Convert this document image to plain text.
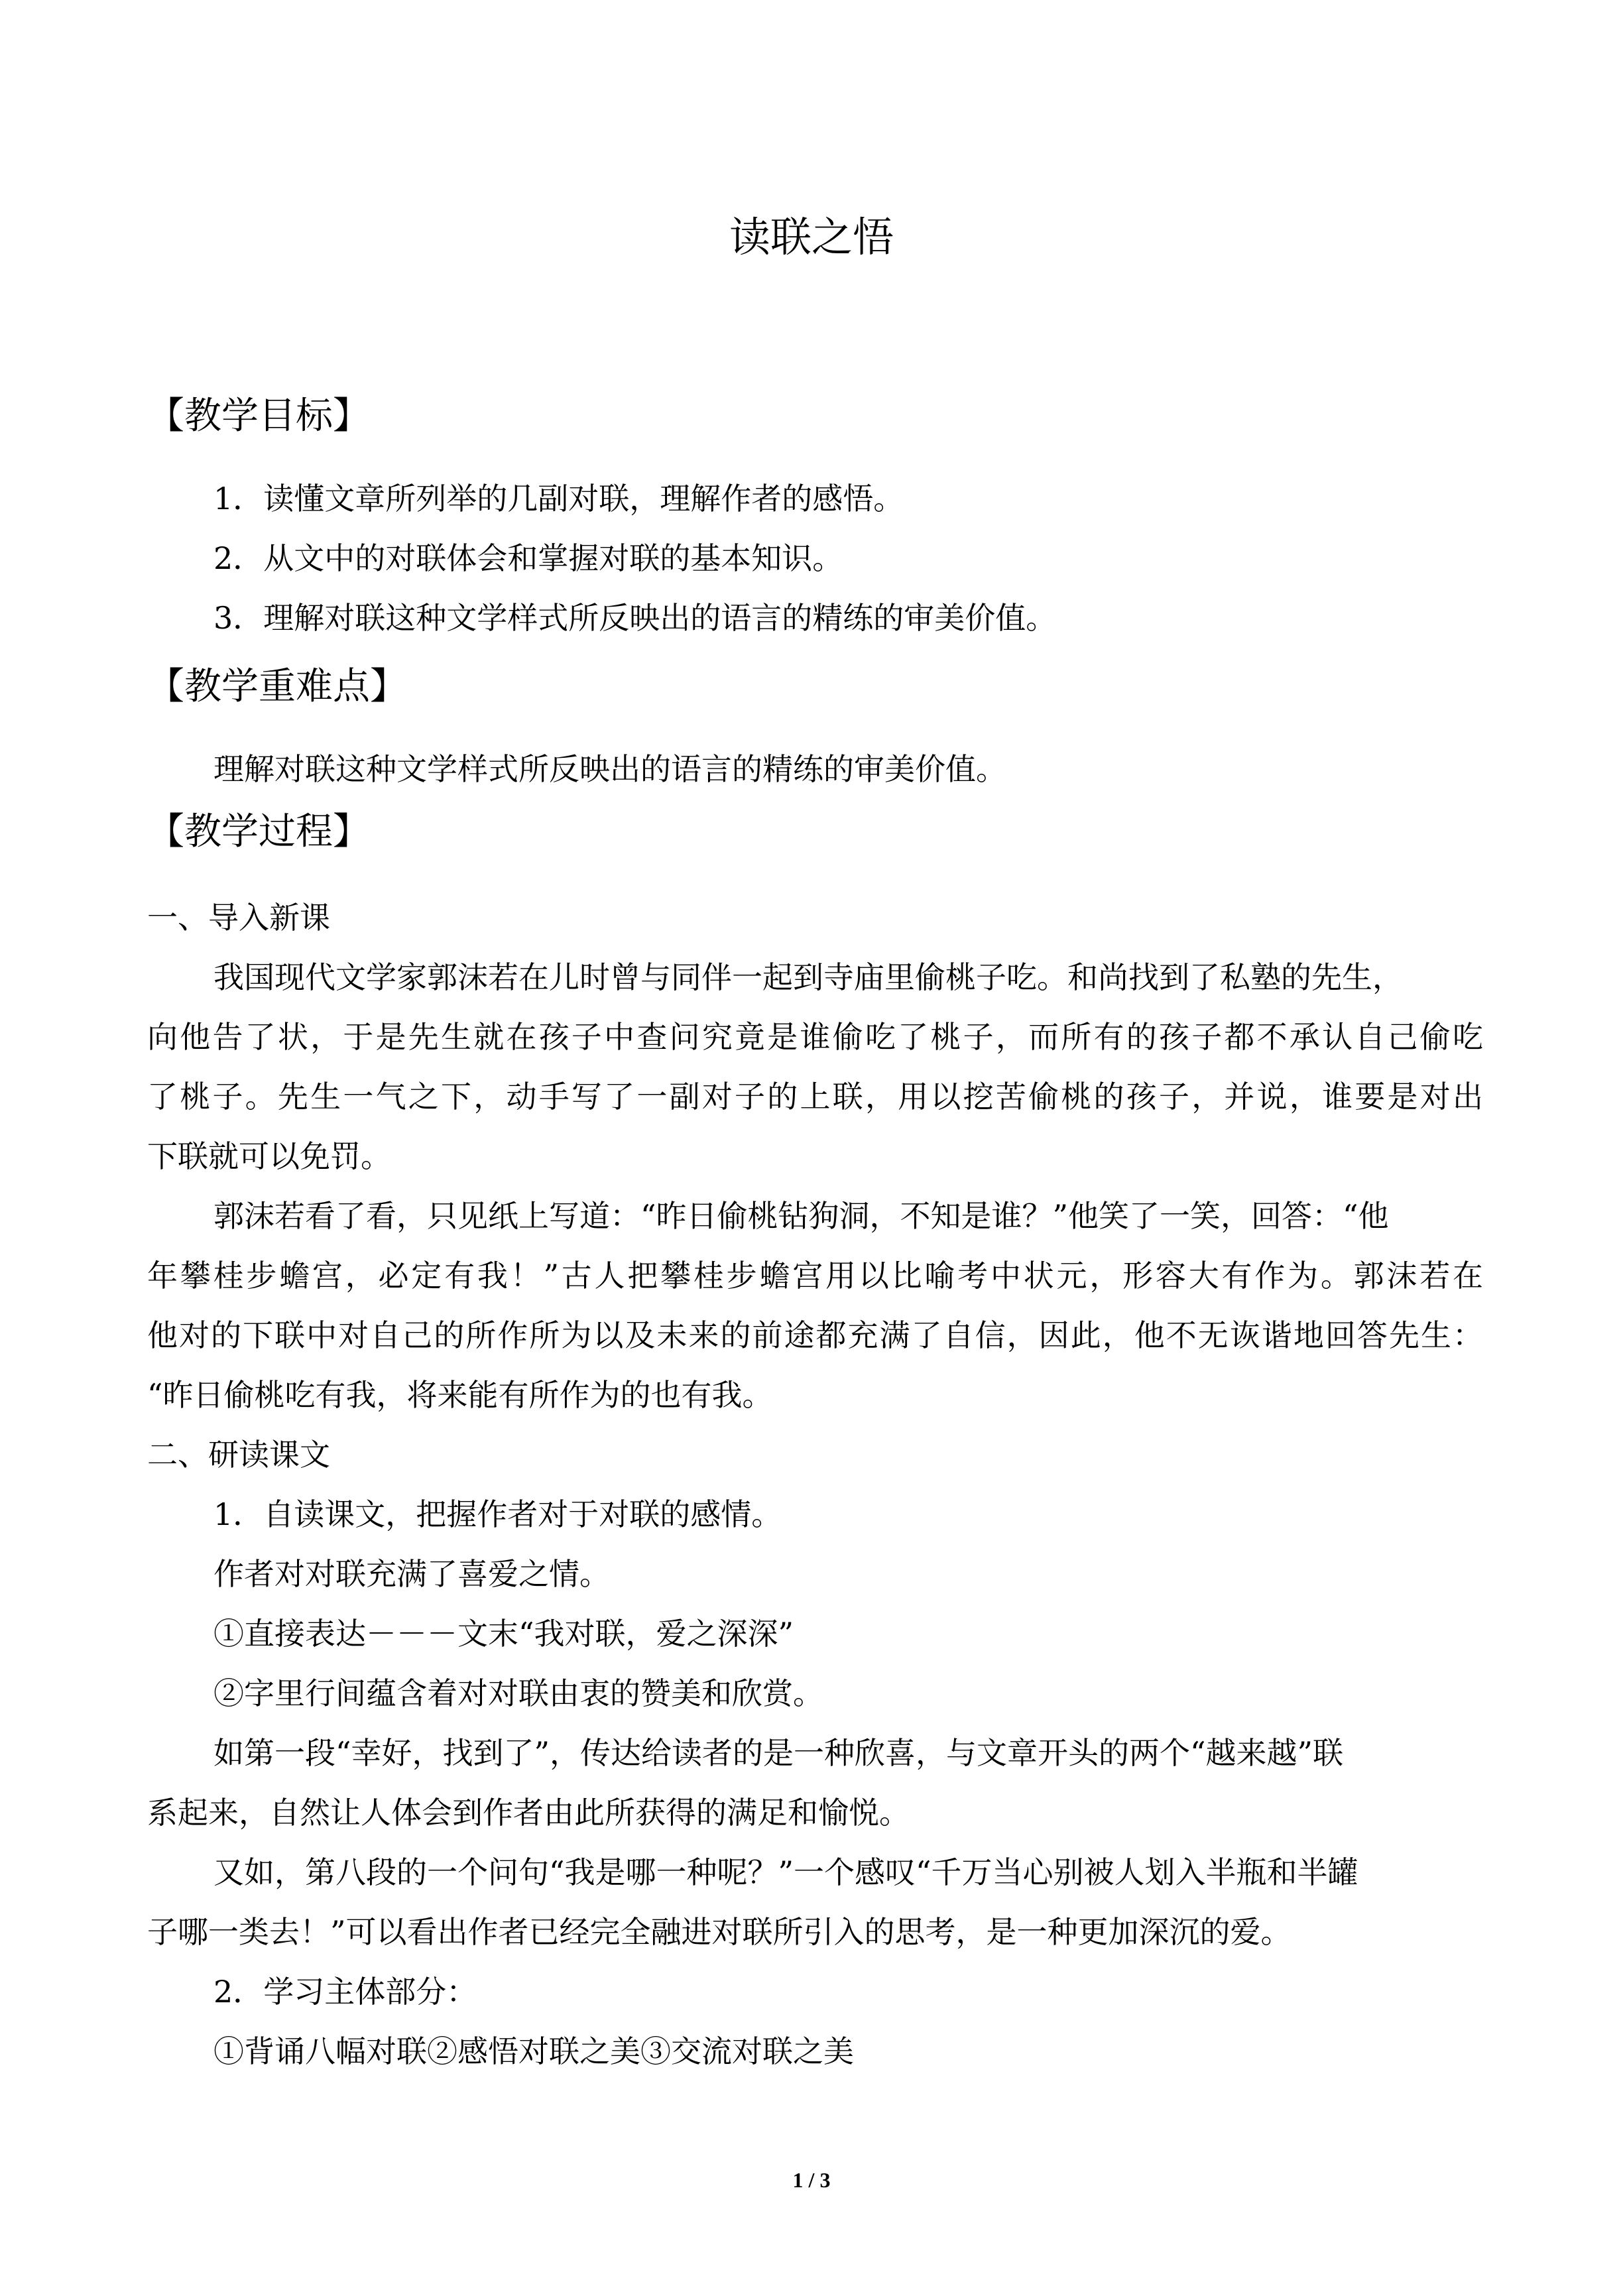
读联之悟
【教学目标】
1．读懂文章所列举的几副对联，理解作者的感悟。
2．从文中的对联体会和掌握对联的基本知识。
3．理解对联这种文学样式所反映出的语言的精练的审美价值。
【教学重难点】
理解对联这种文学样式所反映出的语言的精练的审美价值。
【教学过程】
一、导入新课
我国现代文学家郭沫若在儿时曾与同伴一起到寺庙里偷桃子吃。和尚找到了私塾的先生，
向他告了状，于是先生就在孩子中查问究竟是谁偷吃了桃子，而所有的孩子都不承认自己偷吃
了桃子。先生一气之下，动手写了一副对子的上联，用以挖苦偷桃的孩子，并说，谁要是对出
下联就可以免罚。
郭沫若看了看，只见纸上写道：“昨日偷桃钻狗洞，不知是谁？”他笑了一笑，回答：“他
年攀桂步蟾宫，必定有我！”古人把攀桂步蟾宫用以比喻考中状元，形容大有作为。郭沫若在
他对的下联中对自己的所作所为以及未来的前途都充满了自信，因此，他不无诙谐地回答先生：
“昨日偷桃吃有我，将来能有所作为的也有我。
二、研读课文
1．自读课文，把握作者对于对联的感情。
作者对对联充满了喜爱之情。
①直接表达－－－文末“我对联，爱之深深”
②字里行间蕴含着对对联由衷的赞美和欣赏。
如第一段“幸好，找到了”，传达给读者的是一种欣喜，与文章开头的两个“越来越”联
系起来，自然让人体会到作者由此所获得的满足和愉悦。
又如，第八段的一个问句“我是哪一种呢？”一个感叹“千万当心别被人划入半瓶和半罐
子哪一类去！”可以看出作者已经完全融进对联所引入的思考，是一种更加深沉的爱。
2．学习主体部分：
①背诵八幅对联②感悟对联之美③交流对联之美
1 / 3
